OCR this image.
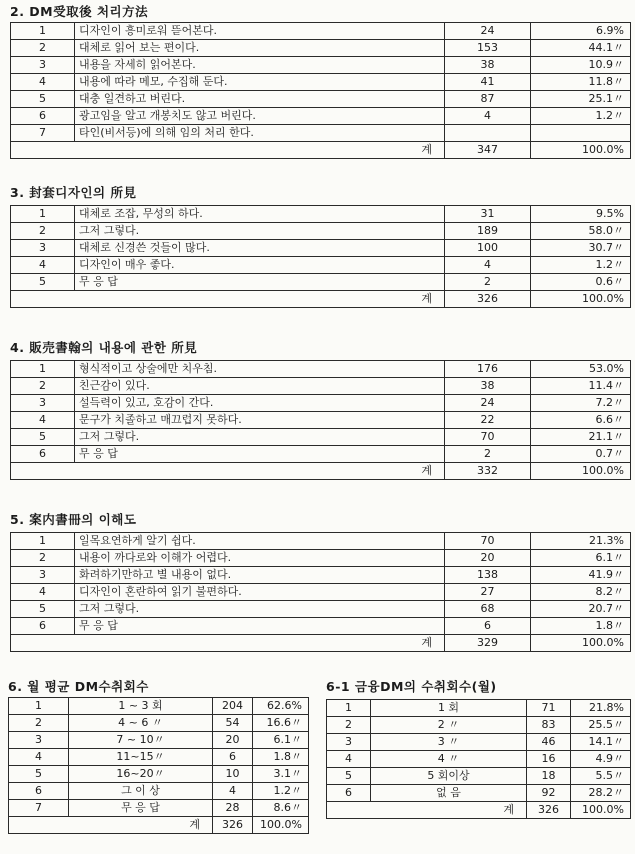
2. DM受取後 처리方法
1	디자인이 흥미로워 뜯어본다.	24	6.9%
2	대체로 읽어 보는 편이다.	153	44.1〃
3	내용을 자세히 읽어본다.	38	10.9〃
4	내용에 따라 메모, 수집해 둔다.	41	11.8〃
5	대충 일견하고 버린다.	87	25.1〃
6	광고임을 알고 개봉치도 않고 버린다.	4	1.2〃
7	타인(비서등)에 의해 임의 처리 한다.		
계		347	100.0%
3. 封套디자인의 所見
1	대체로 조잡, 무성의 하다.	31	9.5%
2	그저 그렇다.	189	58.0〃
3	대체로 신경쓴 것들이 많다.	100	30.7〃
4	디자인이 매우 좋다.	4	1.2〃
5	무 응 답	2	0.6〃
계		326	100.0%
4. 販売書翰의 내용에 관한 所見
1	형식적이고 상술에만 치우침.	176	53.0%
2	친근감이 있다.	38	11.4〃
3	설득력이 있고, 호감이 간다.	24	7.2〃
4	문구가 치졸하고 매끄럽지 못하다.	22	6.6〃
5	그저 그렇다.	70	21.1〃
6	무 응 답	2	0.7〃
계		332	100.0%
5. 案内書冊의 이해도
1	일목요연하게 알기 쉽다.	70	21.3%
2	내용이 까다로와 이해가 어렵다.	20	6.1〃
3	화려하기만하고 별 내용이 없다.	138	41.9〃
4	디자인이 혼란하여 읽기 불편하다.	27	8.2〃
5	그저 그렇다.	68	20.7〃
6	무 응 답	6	1.8〃
계		329	100.0%
6. 월 평균 DM수취회수
1	1 ~ 3 회	204	62.6%
2	4 ~ 6 〃	54	16.6〃
3	7 ~ 10〃	20	6.1〃
4	11~15〃	6	1.8〃
5	16~20〃	10	3.1〃
6	그 이 상	4	1.2〃
7	무 응 답	28	8.6〃
계		326	100.0%
6-1 금융DM의 수취회수(월)
1	1 회	71	21.8%
2	2 〃	83	25.5〃
3	3 〃	46	14.1〃
4	4 〃	16	4.9〃
5	5 회이상	18	5.5〃
6	없 음	92	28.2〃
계		326	100.0%
